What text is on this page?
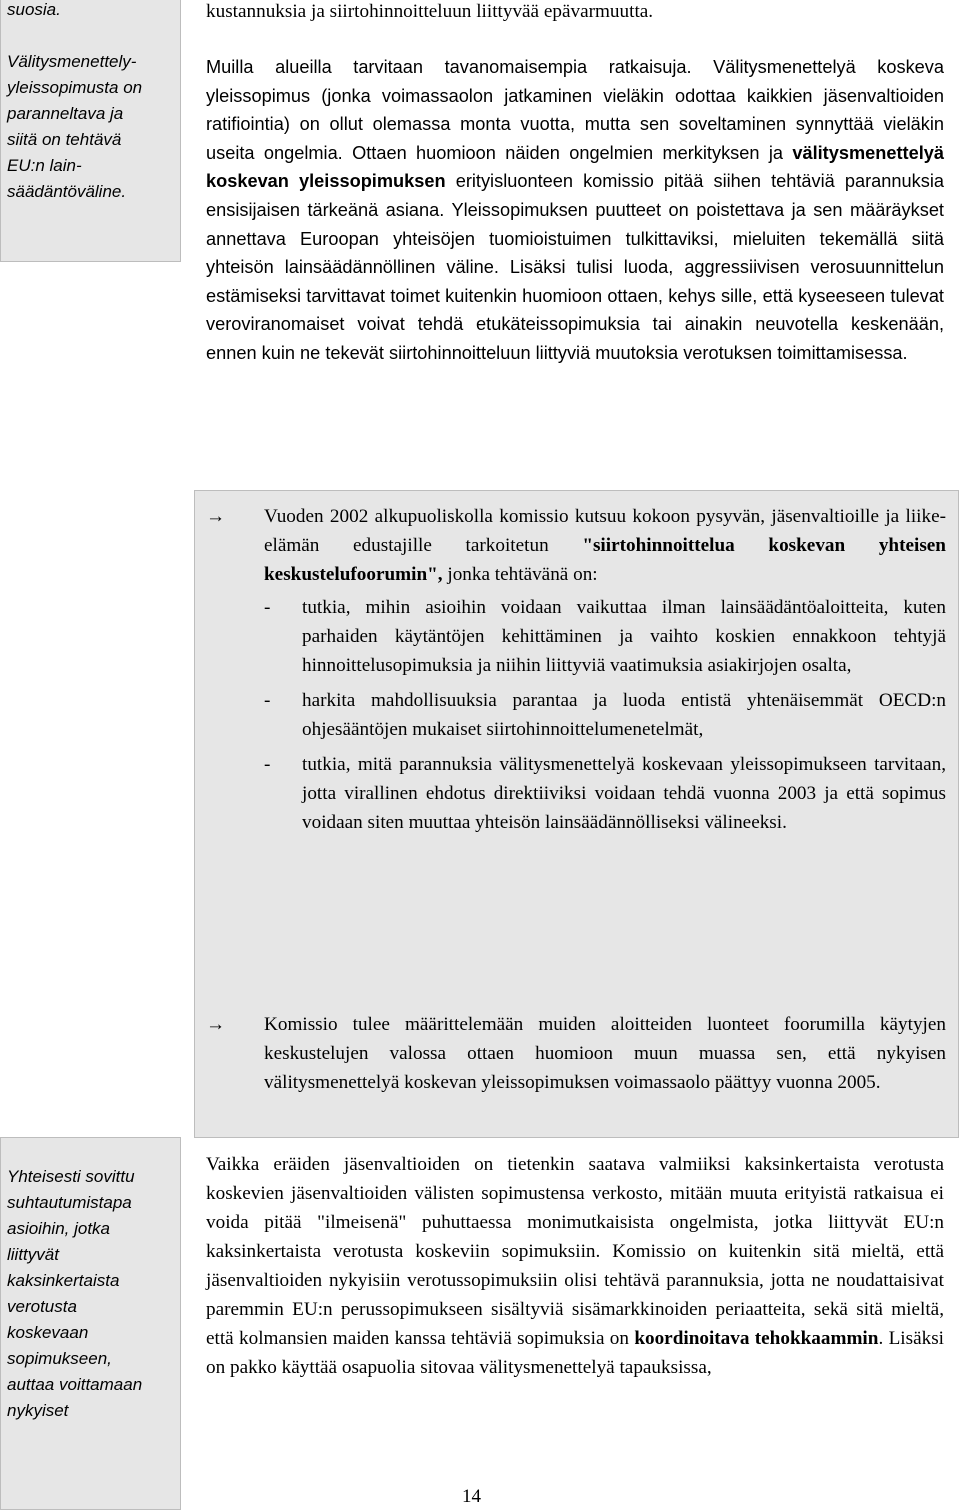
suosia.
Välitysmenettely-
yleissopimusta on
paranneltava ja
siitä on tehtävä
EU:n lain-
säädäntöväline.
Yhteisesti sovittu
suhtautumistapa
asioihin, jotka
liittyvät
kaksinkertaista
verotusta
koskevaan
sopimukseen,
auttaa voittamaan
nykyiset
kustannuksia ja siirtohinnoitteluun liittyvää epävarmuutta.
Muilla alueilla tarvitaan tavanomaisempia ratkaisuja. Välitysmenettelyä koskeva yleissopimus (jonka voimassaolon jatkaminen vieläkin odottaa kaikkien jäsenvaltioiden ratifiointia) on ollut olemassa monta vuotta, mutta sen soveltaminen synnyttää vieläkin useita ongelmia. Ottaen huomioon näiden ongelmien merkityksen ja välitysmenettelyä koskevan yleissopimuksen erityisluonteen komissio pitää siihen tehtäviä parannuksia ensisijaisen tärkeänä asiana. Yleissopimuksen puutteet on poistettava ja sen määräykset annettava Euroopan yhteisöjen tuomioistuimen tulkittaviksi, mieluiten tekemällä siitä yhteisön lainsäädännöllinen väline. Lisäksi tulisi luoda, aggressiivisen verosuunnittelun estämiseksi tarvittavat toimet kuitenkin huomioon ottaen, kehys sille, että kyseeseen tulevat veroviranomaiset voivat tehdä etukäteissopimuksia tai ainakin neuvotella keskenään, ennen kuin ne tekevät siirtohinnoitteluun liittyviä muutoksia verotuksen toimittamisessa.
→	Vuoden 2002 alkupuoliskolla komissio kutsuu kokoon pysyvän, jäsenvaltioille ja liike-elämän edustajille tarkoitetun "siirtohinnoittelua koskevan yhteisen keskustelufoorumin", jonka tehtävänä on:
- tutkia, mihin asioihin voidaan vaikuttaa ilman lainsäädäntöaloitteita, kuten parhaiden käytäntöjen kehittäminen ja vaihto koskien ennakkoon tehtyjä hinnoittelusopimuksia ja niihin liittyviä vaatimuksia asiakirjojen osalta,
- harkita mahdollisuuksia parantaa ja luoda entistä yhtenäisemmät OECD:n ohjesääntöjen mukaiset siirtohinnoittelumenetelmät,
- tutkia, mitä parannuksia välitysmenettelyä koskevaan yleissopimukseen tarvitaan, jotta virallinen ehdotus direktiiviksi voidaan tehdä vuonna 2003 ja että sopimus voidaan siten muuttaa yhteisön lainsäädännölliseksi välineeksi.
→	Komissio tulee määrittelemään muiden aloitteiden luonteet foorumilla käytyjen keskustelujen valossa ottaen huomioon muun muassa sen, että nykyisen välitysmenettelyä koskevan yleissopimuksen voimassaolo päättyy vuonna 2005.
Vaikka eräiden jäsenvaltioiden on tietenkin saatava valmiiksi kaksinkertaista verotusta koskevien jäsenvaltioiden välisten sopimustensa verkosto, mitään muuta erityistä ratkaisua ei voida pitää "ilmeisenä" puhuttaessa monimutkaisista ongelmista, jotka liittyvät EU:n kaksinkertaista verotusta koskeviin sopimuksiin. Komissio on kuitenkin sitä mieltä, että jäsenvaltioiden nykyisiin verotussopimuksiin olisi tehtävä parannuksia, jotta ne noudattaisivat paremmin EU:n perussopimukseen sisältyviä sisämarkkinoiden periaatteita, sekä sitä mieltä, että kolmansien maiden kanssa tehtäviä sopimuksia on koordinoitava tehokkaammin. Lisäksi on pakko käyttää osapuolia sitovaa välitysmenettelyä tapauksissa,
14
